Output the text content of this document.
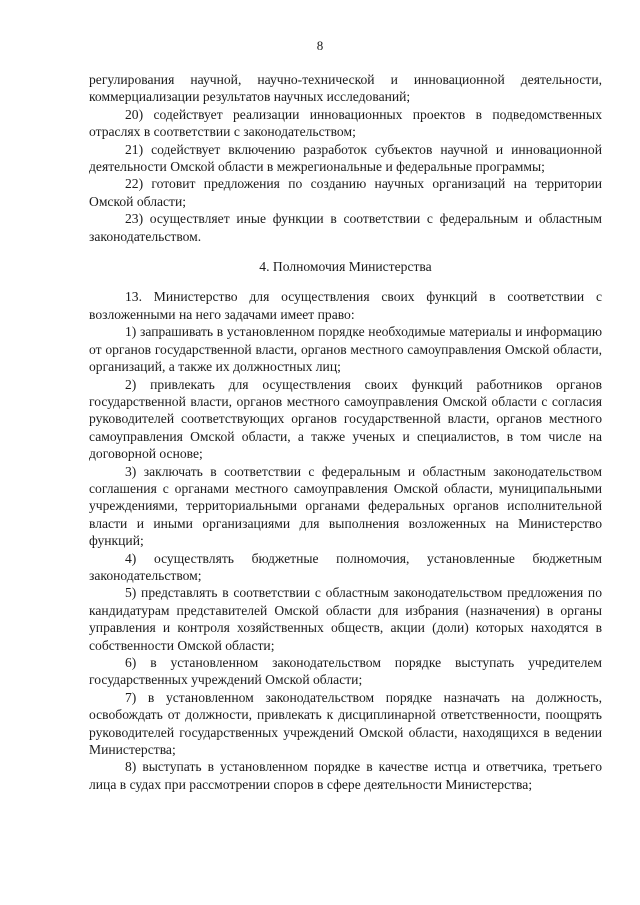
8

регулирования научной, научно-технической и инновационной деятельности, коммерциализации результатов научных исследований;

20) содействует реализации инновационных проектов в подведомственных отраслях в соответствии с законодательством;

21) содействует включению разработок субъектов научной и инновационной деятельности Омской области в межрегиональные и федеральные программы;

22) готовит предложения по созданию научных организаций на территории Омской области;

23) осуществляет иные функции в соответствии с федеральным и областным законодательством.

4. Полномочия Министерства

13. Министерство для осуществления своих функций в соответствии с возложенными на него задачами имеет право:

1) запрашивать в установленном порядке необходимые материалы и информацию от органов государственной власти, органов местного самоуправления Омской области, организаций, а также их должностных лиц;

2) привлекать для осуществления своих функций работников органов государственной власти, органов местного самоуправления Омской области с согласия руководителей соответствующих органов государственной власти, органов местного самоуправления Омской области, а также ученых и специалистов, в том числе на договорной основе;

3) заключать в соответствии с федеральным и областным законодательством соглашения с органами местного самоуправления Омской области, муниципальными учреждениями, территориальными органами федеральных органов исполнительной власти и иными организациями для выполнения возложенных на Министерство функций;

4) осуществлять бюджетные полномочия, установленные бюджетным законодательством;

5) представлять в соответствии с областным законодательством предложения по кандидатурам представителей Омской области для избрания (назначения) в органы управления и контроля хозяйственных обществ, акции (доли) которых находятся в собственности Омской области;

6) в установленном законодательством порядке выступать учредителем государственных учреждений Омской области;

7) в установленном законодательством порядке назначать на должность, освобождать от должности, привлекать к дисциплинарной ответственности, поощрять руководителей государственных учреждений Омской области, находящихся в ведении Министерства;

8) выступать в установленном порядке в качестве истца и ответчика, третьего лица в судах при рассмотрении споров в сфере деятельности Министерства;
